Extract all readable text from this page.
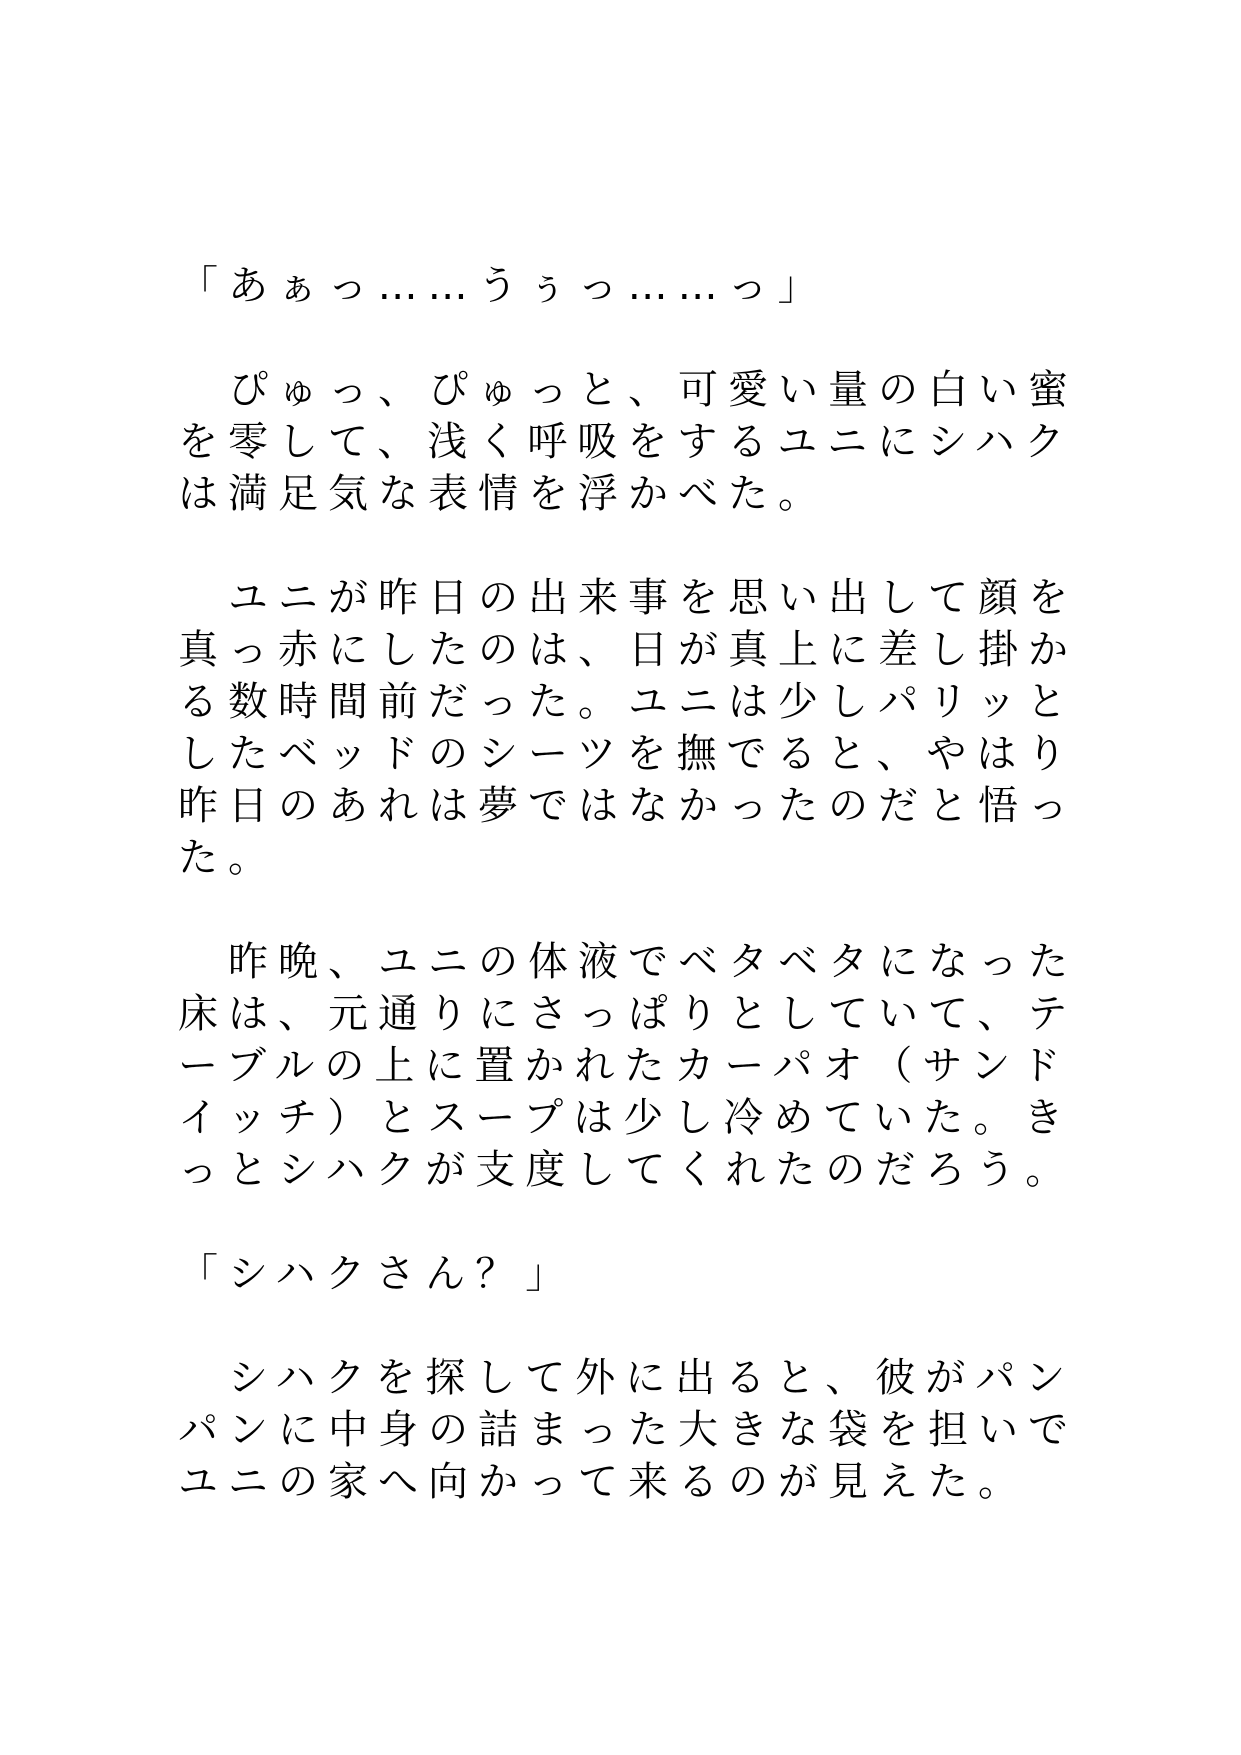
「あぁっ……うぅっ……っ」
　ぴゅっ、ぴゅっと、可愛い量の白い蜜
を零して、浅く呼吸をするユニにシハク
は満足気な表情を浮かべた。
　ユニが昨日の出来事を思い出して顔を
真っ赤にしたのは、日が真上に差し掛か
る数時間前だった。ユニは少しパリッと
したベッドのシーツを撫でると、やはり
昨日のあれは夢ではなかったのだと悟っ
た。
　昨晩、ユニの体液でベタベタになった
床は、元通りにさっぱりとしていて、テ
ーブルの上に置かれたカーパオ（サンド
イッチ）とスープは少し冷めていた。き
っとシハクが支度してくれたのだろう。
「シハクさん？」
　シハクを探して外に出ると、彼がパン
パンに中身の詰まった大きな袋を担いで
ユニの家へ向かって来るのが見えた。
